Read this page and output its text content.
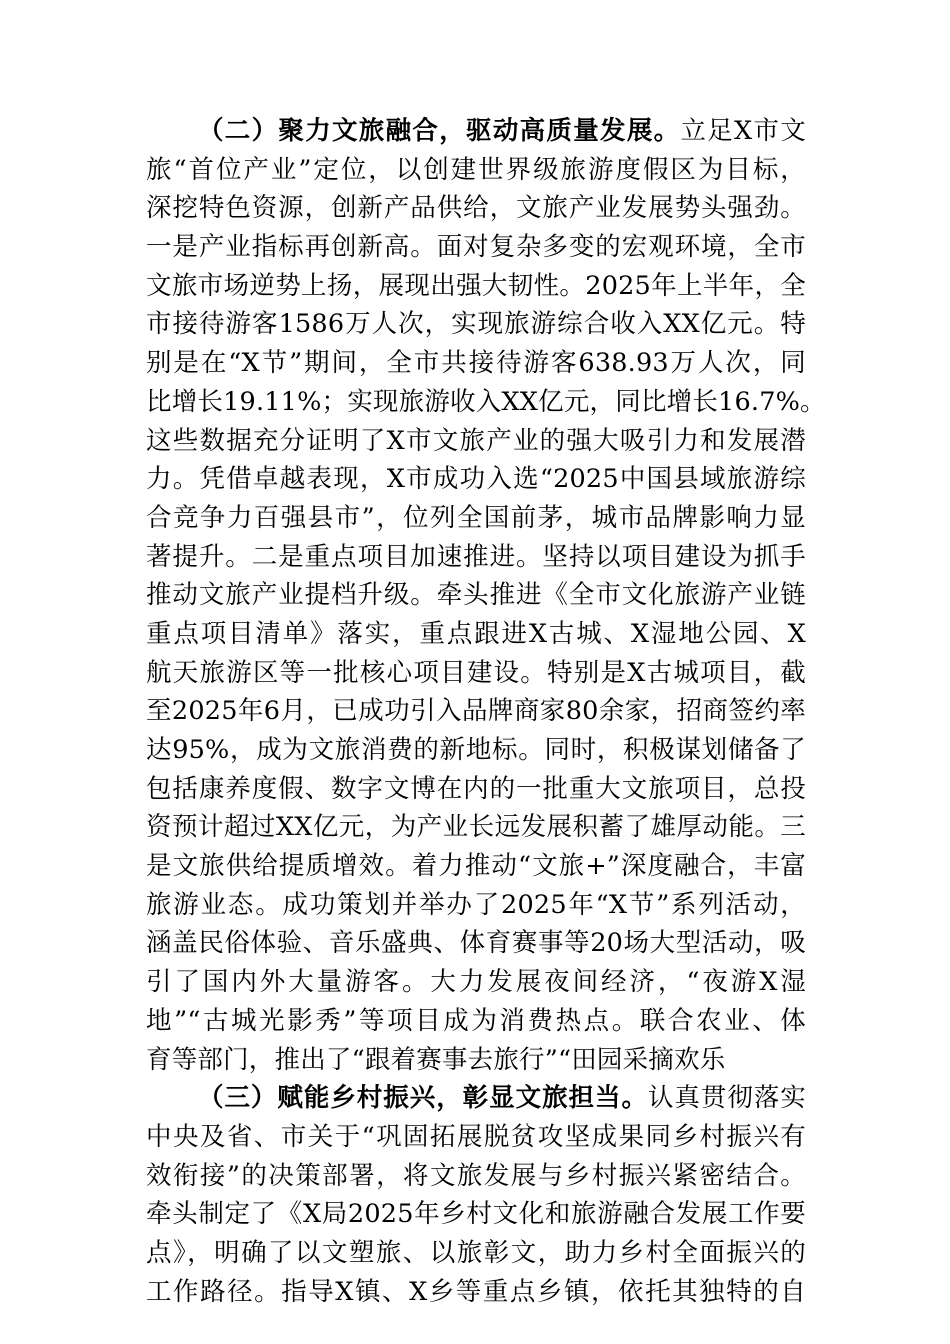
（二）聚力文旅融合，驱动高质量发展。立足X市文
旅“首位产业”定位，以创建世界级旅游度假区为目标，
深挖特色资源，创新产品供给，文旅产业发展势头强劲。
一是产业指标再创新高。面对复杂多变的宏观环境，全市
文旅市场逆势上扬，展现出强大韧性。2025年上半年，全
市接待游客1586万人次，实现旅游综合收入XX亿元。特
别是在“X节”期间，全市共接待游客638.93万人次，同
比增长19.11%；实现旅游收入XX亿元，同比增长16.7%。
这些数据充分证明了X市文旅产业的强大吸引力和发展潜
力。凭借卓越表现，X市成功入选“2025中国县域旅游综
合竞争力百强县市”，位列全国前茅，城市品牌影响力显
著提升。二是重点项目加速推进。坚持以项目建设为抓手
推动文旅产业提档升级。牵头推进《全市文化旅游产业链
重点项目清单》落实，重点跟进X古城、X湿地公园、X
航天旅游区等一批核心项目建设。特别是X古城项目，截
至2025年6月，已成功引入品牌商家80余家，招商签约率
达95%，成为文旅消费的新地标。同时，积极谋划储备了
包括康养度假、数字文博在内的一批重大文旅项目，总投
资预计超过XX亿元，为产业长远发展积蓄了雄厚动能。三
是文旅供给提质增效。着力推动“文旅+”深度融合，丰富
旅游业态。成功策划并举办了2025年“X节”系列活动，
涵盖民俗体验、音乐盛典、体育赛事等20场大型活动，吸
引了国内外大量游客。大力发展夜间经济，“夜游X湿
地”“古城光影秀”等项目成为消费热点。联合农业、体
育等部门，推出了“跟着赛事去旅行”“田园采摘欢乐
（三）赋能乡村振兴，彰显文旅担当。认真贯彻落实
中央及省、市关于“巩固拓展脱贫攻坚成果同乡村振兴有
效衔接”的决策部署，将文旅发展与乡村振兴紧密结合。
牵头制定了《X局2025年乡村文化和旅游融合发展工作要
点》，明确了以文塑旅、以旅彰文，助力乡村全面振兴的
工作路径。指导X镇、X乡等重点乡镇，依托其独特的自
